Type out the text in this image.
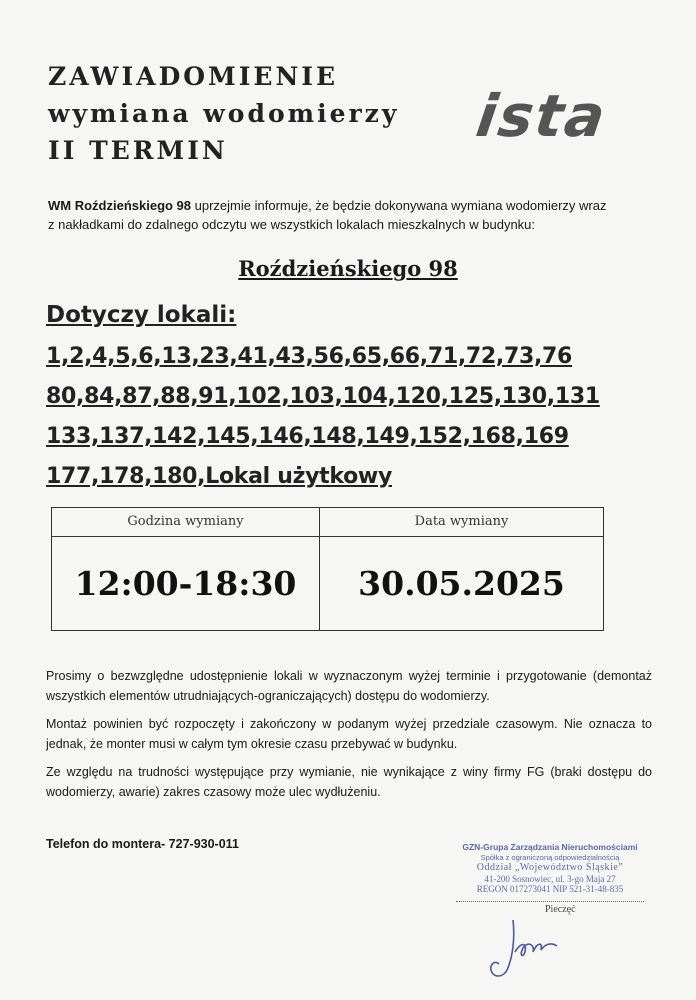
ZAWIADOMIENIE
wymiana wodomierzy
II TERMIN
ista
WM Roździeńskiego 98 uprzejmie informuje, że będzie dokonywana wymiana wodomierzy wraz
z nakładkami do zdalnego odczytu we wszystkich lokalach mieszkalnych w budynku:
Roździeńskiego 98
Dotyczy lokali:
1,2,4,5,6,13,23,41,43,56,65,66,71,72,73,76
80,84,87,88,91,102,103,104,120,125,130,131
133,137,142,145,146,148,149,152,168,169
177,178,180,Lokal użytkowy
Godzina wymiany	Data wymiany
12:00-18:30	30.05.2025
Prosimy o bezwzględne udostępnienie lokali w wyznaczonym wyżej terminie i przygotowanie (demontaż wszystkich elementów utrudniających-ograniczających) dostępu do wodomierzy.
Montaż powinien być rozpoczęty i zakończony w podanym wyżej przedziale czasowym. Nie oznacza to jednak, że monter musi w całym tym okresie czasu przebywać w budynku.
Ze względu na trudności występujące przy wymianie, nie wynikające z winy firmy FG (braki dostępu do wodomierzy, awarie) zakres czasowy może ulec wydłużeniu.
Telefon do montera- 727-930-011	GZN-Grupa Zarządzania Nieruchomościami
Spółka z ograniczoną odpowiedzialnością
Oddział „Województwo Śląskie”
41-200 Sosnowiec, ul. 3-go Maja 27
REGON 017273041 NIP 521-31-48-835
Pieczęć
